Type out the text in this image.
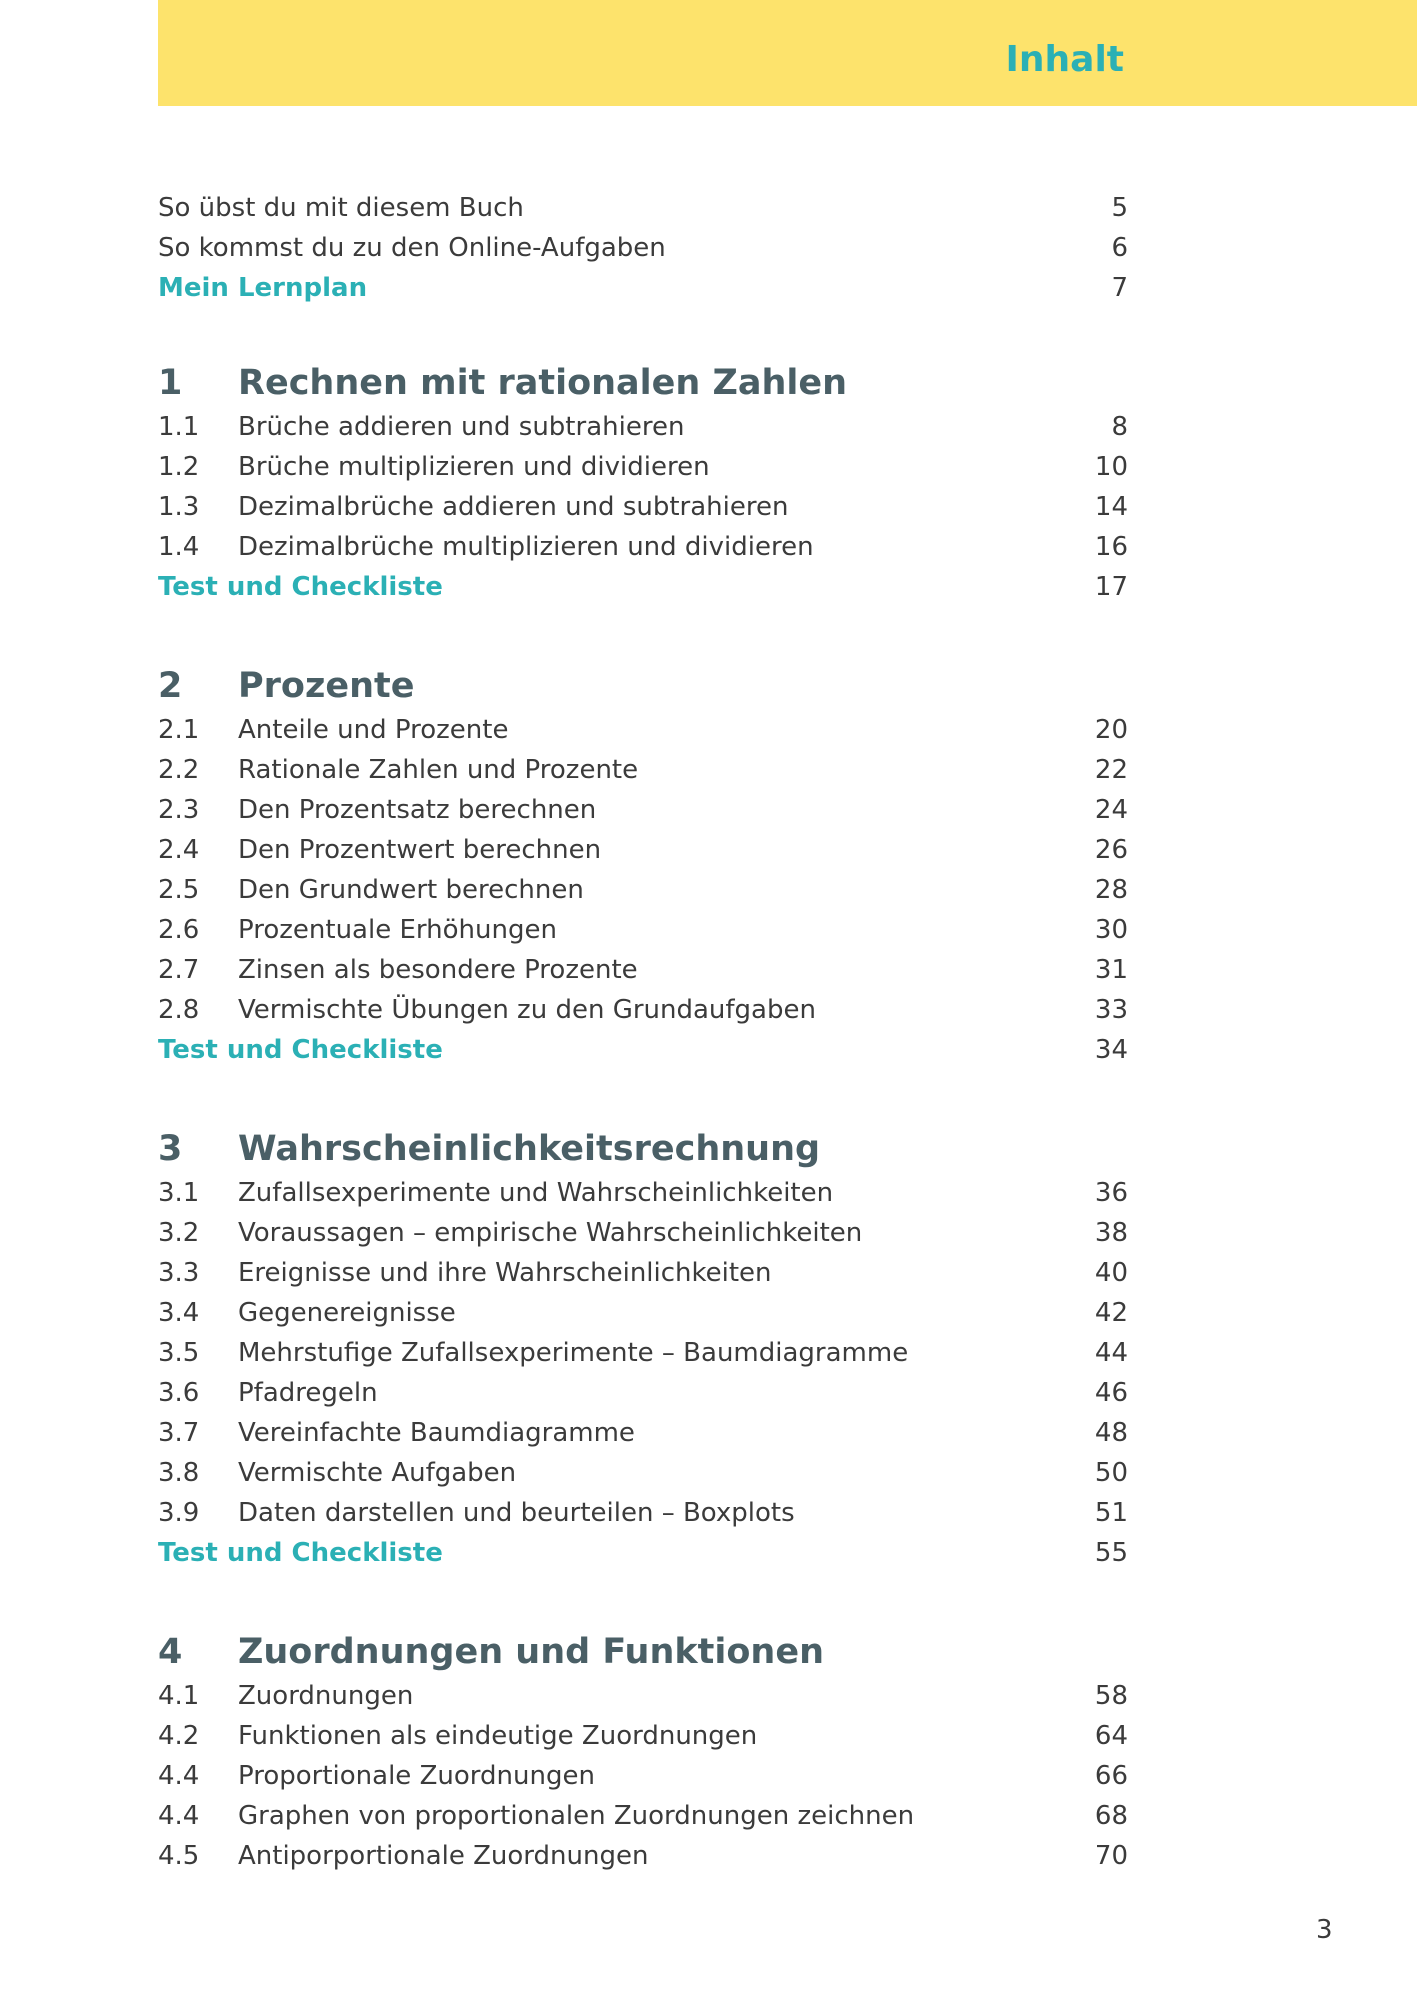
Inhalt
So übst du mit diesem Buch	5
So kommst du zu den Online-Aufgaben	6
Mein Lernplan	7
1 Rechnen mit rationalen Zahlen
1.1 Brüche addieren und subtrahieren	8
1.2 Brüche multiplizieren und dividieren	10
1.3 Dezimalbrüche addieren und subtrahieren	14
1.4 Dezimalbrüche multiplizieren und dividieren	16
Test und Checkliste	17
2 Prozente
2.1 Anteile und Prozente	20
2.2 Rationale Zahlen und Prozente	22
2.3 Den Prozentsatz berechnen	24
2.4 Den Prozentwert berechnen	26
2.5 Den Grundwert berechnen	28
2.6 Prozentuale Erhöhungen	30
2.7 Zinsen als besondere Prozente	31
2.8 Vermischte Übungen zu den Grundaufgaben	33
Test und Checkliste	34
3 Wahrscheinlichkeitsrechnung
3.1 Zufallsexperimente und Wahrscheinlichkeiten	36
3.2 Voraussagen – empirische Wahrscheinlichkeiten	38
3.3 Ereignisse und ihre Wahrscheinlichkeiten	40
3.4 Gegenereignisse	42
3.5 Mehrstufige Zufallsexperimente – Baumdiagramme	44
3.6 Pfadregeln	46
3.7 Vereinfachte Baumdiagramme	48
3.8 Vermischte Aufgaben	50
3.9 Daten darstellen und beurteilen – Boxplots	51
Test und Checkliste	55
4 Zuordnungen und Funktionen
4.1 Zuordnungen	58
4.2 Funktionen als eindeutige Zuordnungen	64
4.4 Proportionale Zuordnungen	66
4.4 Graphen von proportionalen Zuordnungen zeichnen	68
4.5 Antiporportionale Zuordnungen	70
3
